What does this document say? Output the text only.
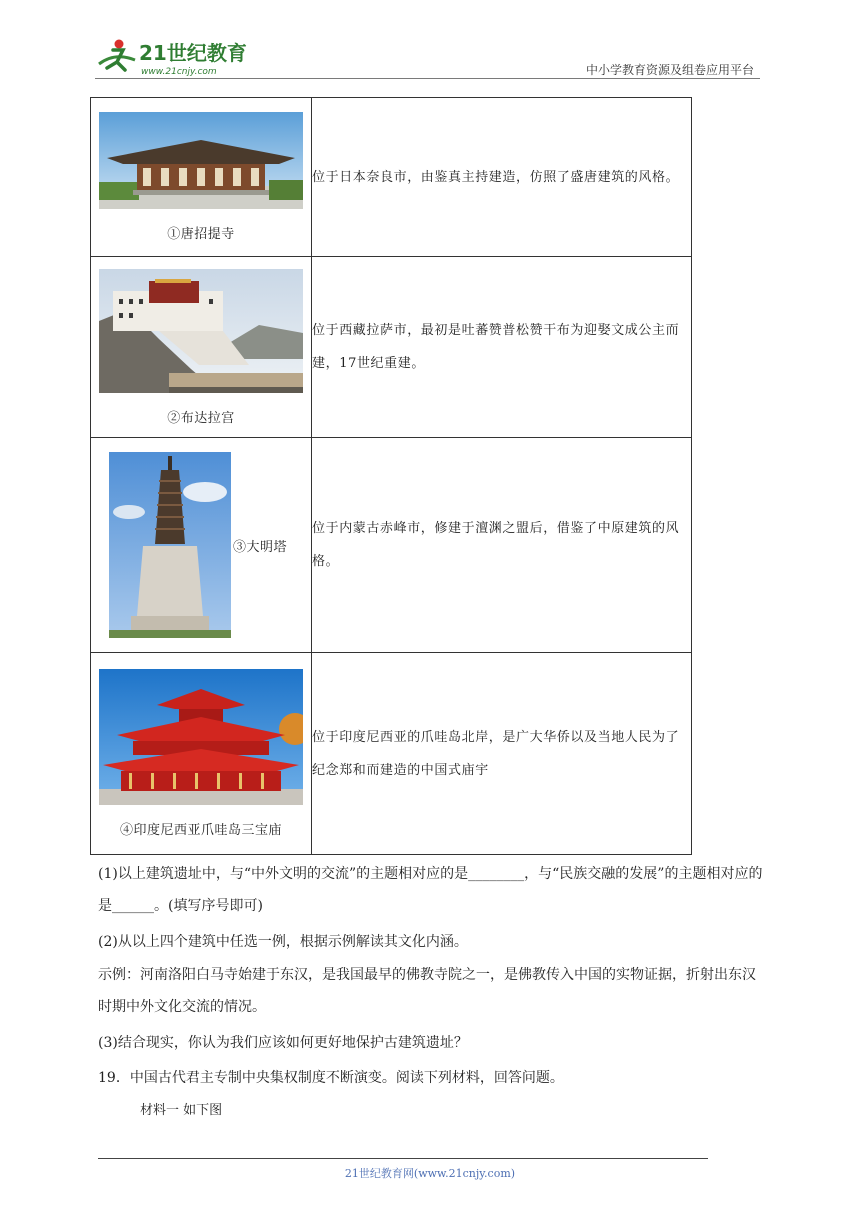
21世纪教育
www.21cnjy.com	中小学教育资源及组卷应用平台
①唐招提寺	位于日本奈良市，由鉴真主持建造，仿照了盛唐建筑的风格。

②布达拉宫	位于西藏拉萨市，最初是吐蕃赞普松赞干布为迎娶文成公主而建，17世纪重建。

③大明塔	位于内蒙古赤峰市，修建于澶渊之盟后，借鉴了中原建筑的风格。

④印度尼西亚爪哇岛三宝庙	位于印度尼西亚的爪哇岛北岸，是广大华侨以及当地人民为了纪念郑和而建造的中国式庙宇
(1)以上建筑遗址中，与“中外文明的交流”的主题相对应的是________，与“民族交融的发展”的主题相对应的是______。(填写序号即可)
(2)从以上四个建筑中任选一例，根据示例解读其文化内涵。
示例：河南洛阳白马寺始建于东汉，是我国最早的佛教寺院之一，是佛教传入中国的实物证据，折射出东汉时期中外文化交流的情况。
(3)结合现实，你认为我们应该如何更好地保护古建筑遗址？
19．中国古代君主专制中央集权制度不断演变。阅读下列材料，回答问题。
材料一 如下图
21世纪教育网(www.21cnjy.com)
